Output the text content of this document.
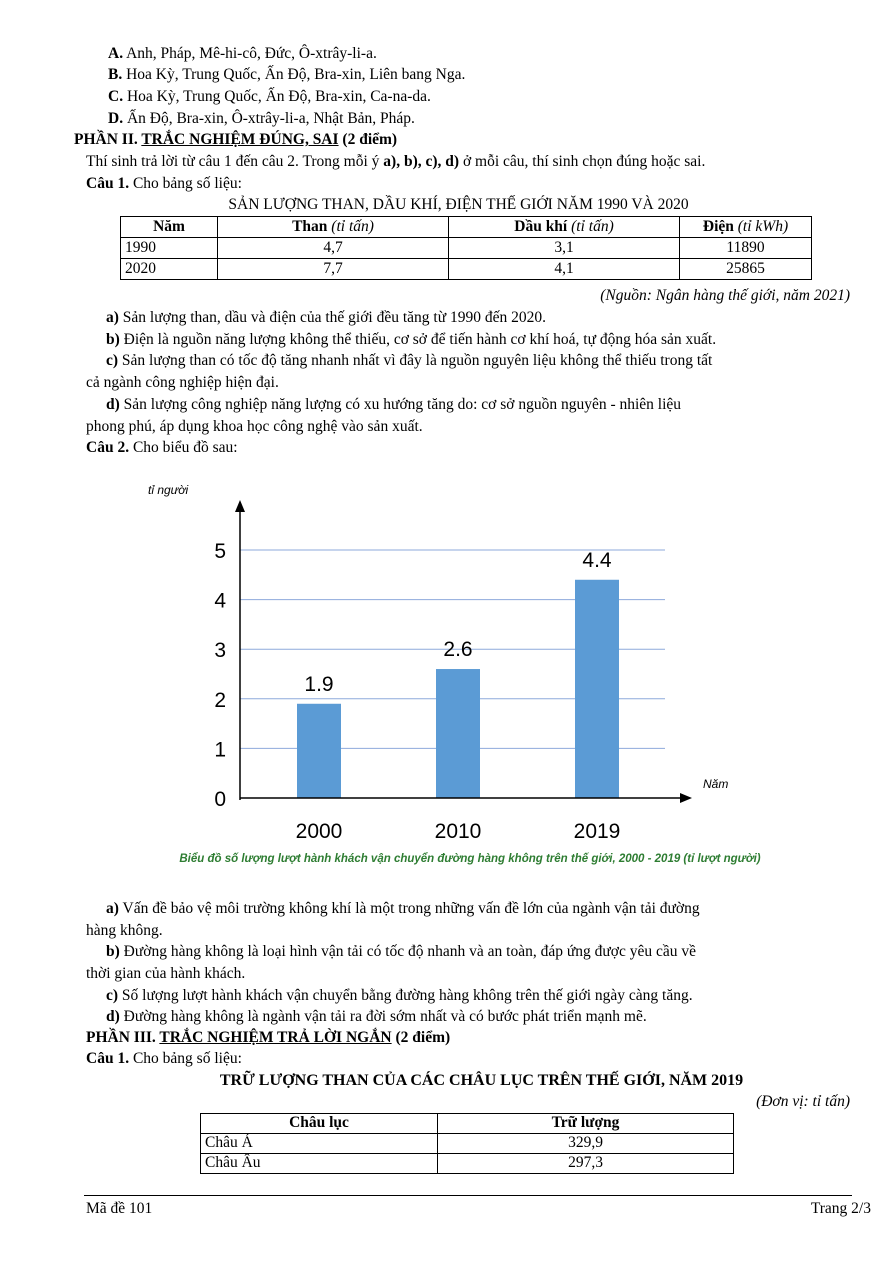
A. Anh, Pháp, Mê-hi-cô, Đức, Ô-xtrây-li-a.
B. Hoa Kỳ, Trung Quốc, Ấn Độ, Bra-xin, Liên bang Nga.
C. Hoa Kỳ, Trung Quốc, Ấn Độ, Bra-xin, Ca-na-da.
D. Ấn Độ, Bra-xin, Ô-xtrây-li-a, Nhật Bản, Pháp.
PHẦN II. TRẮC NGHIỆM ĐÚNG, SAI (2 điểm)
Thí sinh trả lời từ câu 1 đến câu 2. Trong mỗi ý a), b), c), d) ở mỗi câu, thí sinh chọn đúng hoặc sai.
Câu 1. Cho bảng số liệu:
SẢN LƯỢNG THAN, DẦU KHÍ, ĐIỆN THẾ GIỚI NĂM 1990 VÀ 2020
Năm	Than (tỉ tấn)	Dầu khí (tỉ tấn)	Điện (tỉ kWh)
1990	4,7	3,1	11890
2020	7,7	4,1	25865
(Nguồn: Ngân hàng thế giới, năm 2021)
a) Sản lượng than, dầu và điện của thế giới đều tăng từ 1990 đến 2020.
b) Điện là nguồn năng lượng không thể thiếu, cơ sở để tiến hành cơ khí hoá, tự động hóa sản xuất.
c) Sản lượng than có tốc độ tăng nhanh nhất vì đây là nguồn nguyên liệu không thể thiếu trong tất
cả ngành công nghiệp hiện đại.
d) Sản lượng công nghiệp năng lượng có xu hướng tăng do: cơ sở nguồn nguyên - nhiên liệu
phong phú, áp dụng khoa học công nghệ vào sản xuất.
Câu 2. Cho biểu đồ sau:
0
1
2
3
4
5
1.9
2000
2.6
2010
4.4
2019
tỉ người
Năm
Biểu đồ số lượng lượt hành khách vận chuyển đường hàng không trên thế giới, 2000 - 2019 (tỉ lượt người)
a) Vấn đề bảo vệ môi trường không khí là một trong những vấn đề lớn của ngành vận tải đường
hàng không.
b) Đường hàng không là loại hình vận tải có tốc độ nhanh và an toàn, đáp ứng được yêu cầu về
thời gian của hành khách.
c) Số lượng lượt hành khách vận chuyển bằng đường hàng không trên thế giới ngày càng tăng.
d) Đường hàng không là ngành vận tải ra đời sớm nhất và có bước phát triển mạnh mẽ.
PHẦN III. TRẮC NGHIỆM TRẢ LỜI NGẮN (2 điểm)
Câu 1. Cho bảng số liệu:
TRỮ LƯỢNG THAN CỦA CÁC CHÂU LỤC TRÊN THẾ GIỚI, NĂM 2019
(Đơn vị: tỉ tấn)
Châu lục	Trữ lượng
Châu Á	329,9
Châu Âu	297,3
Mã đề 101	Trang 2/3
